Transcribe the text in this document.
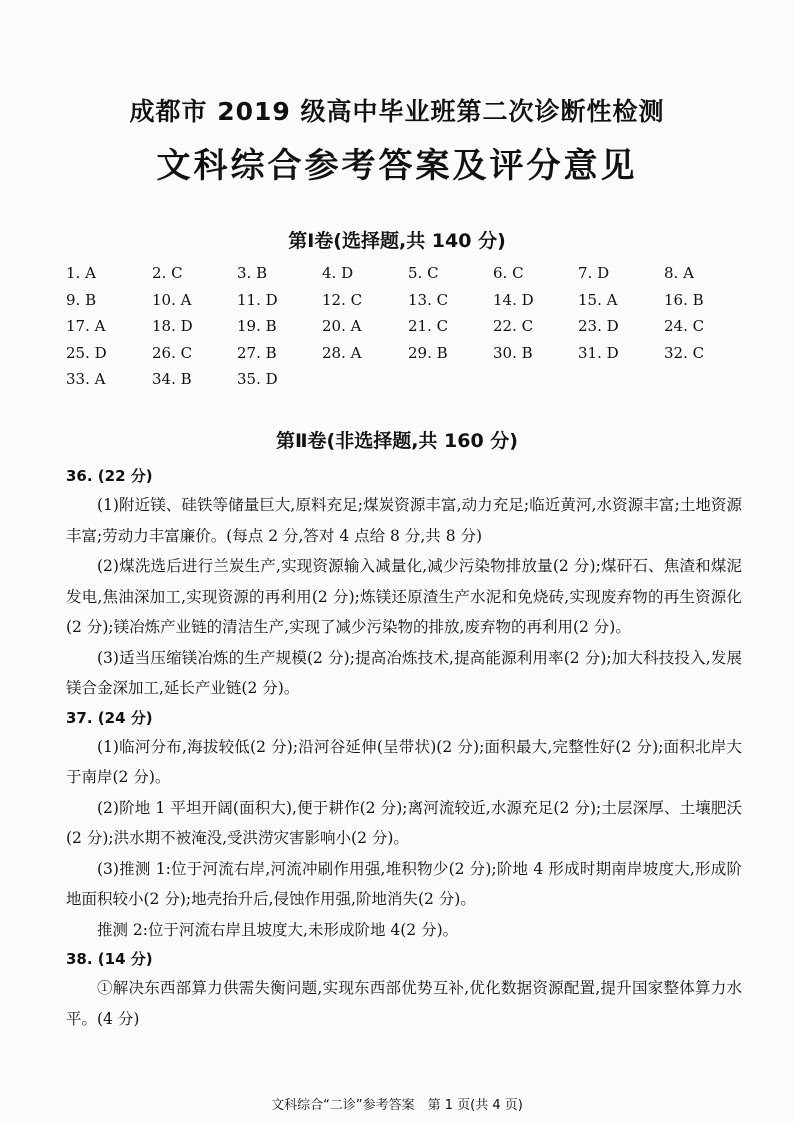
成都市 2019 级高中毕业班第二次诊断性检测
文科综合参考答案及评分意见
第Ⅰ卷(选择题,共 140 分)
1. A	2. C	3. B	4. D	5. C	6. C	7. D	8. A
9. B	10. A	11. D	12. C	13. C	14. D	15. A	16. B
17. A	18. D	19. B	20. A	21. C	22. C	23. D	24. C
25. D	26. C	27. B	28. A	29. B	30. B	31. D	32. C
33. A	34. B	35. D
第Ⅱ卷(非选择题,共 160 分)
36. (22 分)

(1)附近镁、硅铁等储量巨大,原料充足;煤炭资源丰富,动力充足;临近黄河,水资源丰富;土地资源丰富;劳动力丰富廉价。(每点 2 分,答对 4 点给 8 分,共 8 分)

(2)煤洗选后进行兰炭生产,实现资源输入减量化,减少污染物排放量(2 分);煤矸石、焦渣和煤泥发电,焦油深加工,实现资源的再利用(2 分);炼镁还原渣生产水泥和免烧砖,实现废弃物的再生资源化(2 分);镁冶炼产业链的清洁生产,实现了减少污染物的排放,废弃物的再利用(2 分)。

(3)适当压缩镁冶炼的生产规模(2 分);提高冶炼技术,提高能源利用率(2 分);加大科技投入,发展镁合金深加工,延长产业链(2 分)。

37. (24 分)

(1)临河分布,海拔较低(2 分);沿河谷延伸(呈带状)(2 分);面积最大,完整性好(2 分);面积北岸大于南岸(2 分)。

(2)阶地 1 平坦开阔(面积大),便于耕作(2 分);离河流较近,水源充足(2 分);土层深厚、土壤肥沃(2 分);洪水期不被淹没,受洪涝灾害影响小(2 分)。

(3)推测 1:位于河流右岸,河流冲刷作用强,堆积物少(2 分);阶地 4 形成时期南岸坡度大,形成阶地面积较小(2 分);地壳抬升后,侵蚀作用强,阶地消失(2 分)。

推测 2:位于河流右岸且坡度大,未形成阶地 4(2 分)。

38. (14 分)

①解决东西部算力供需失衡问题,实现东西部优势互补,优化数据资源配置,提升国家整体算力水平。(4 分)

文科综合“二诊”参考答案　第 1 页(共 4 页)
